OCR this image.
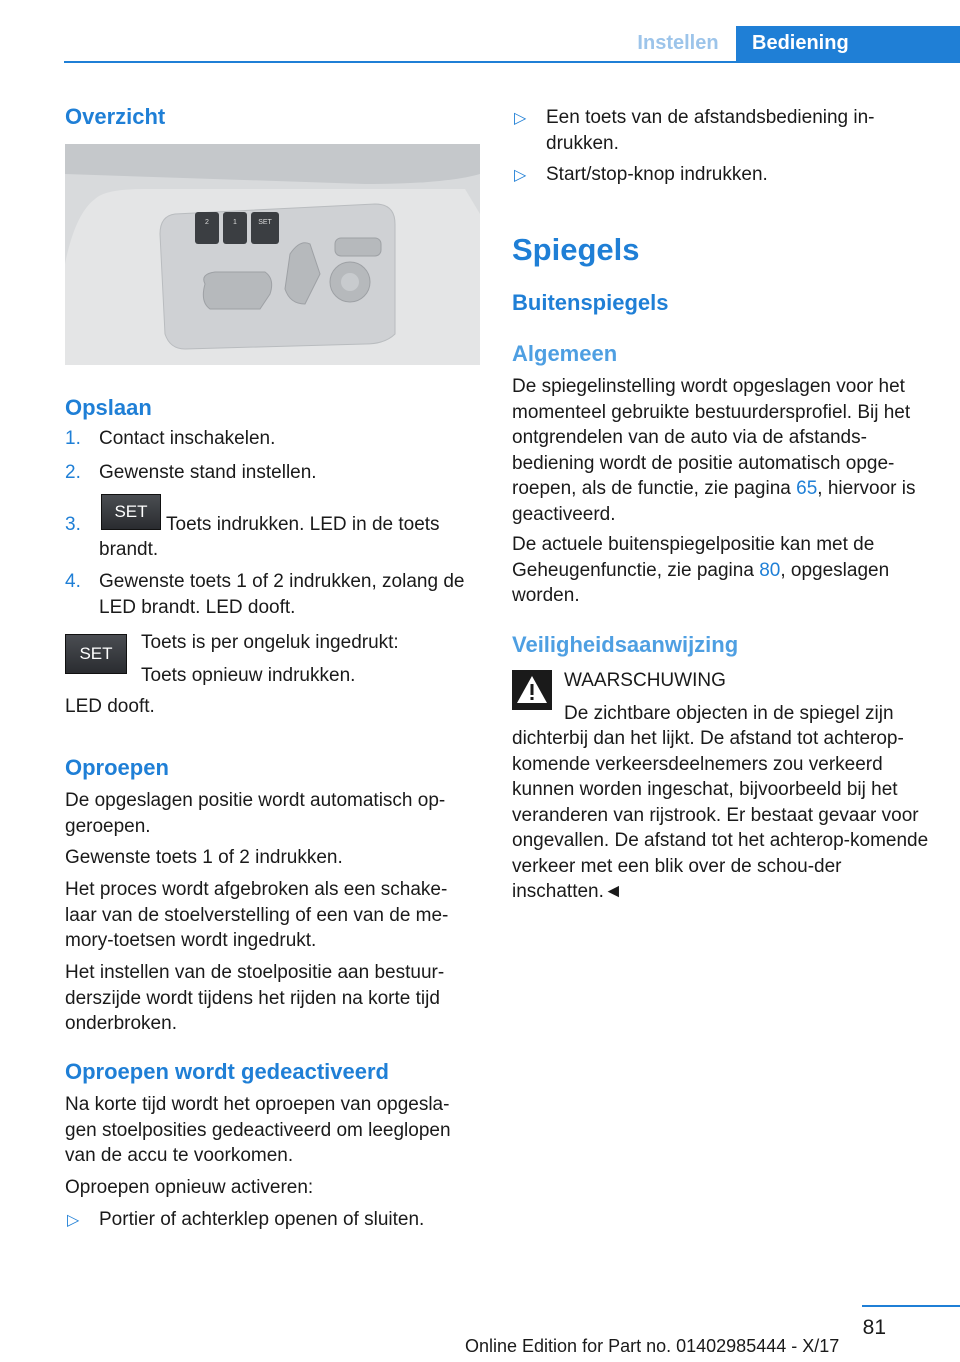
Instellen	Bediening
Overzicht
2	1	SET
Opslaan
1. Contact inschakelen.

2. Gewenste stand instellen.

3.
SET

Toets indrukken. LED in de toets

brandt.

4. Gewenste toets 1 of 2 indrukken, zolang de LED brandt. LED dooft.

SET

Toets is per ongeluk ingedrukt:

Toets opnieuw indrukken.

LED dooft.

Oproepen

De opgeslagen positie wordt automatisch op-geroepen.

Gewenste toets 1 of 2 indrukken.

Het proces wordt afgebroken als een schake-laar van de stoelverstelling of een van de me-mory-toetsen wordt ingedrukt.

Het instellen van de stoelpositie aan bestuur-derszijde wordt tijdens het rijden na korte tijd onderbroken.

Oproepen wordt gedeactiveerd

Na korte tijd wordt het oproepen van opgesla-gen stoelposities gedeactiveerd om leeglopen van de accu te voorkomen.

Oproepen opnieuw activeren:

▷ Portier of achterklep openen of sluiten.

▷ Een toets van de afstandsbediening in-drukken.

▷ Start/stop-knop indrukken.

Spiegels
Buitenspiegels
Algemeen

De spiegelinstelling wordt opgeslagen voor het momenteel gebruikte bestuurdersprofiel. Bij het ontgrendelen van de auto via de afstands-bediening wordt de positie automatisch opge-roepen, als de functie, zie pagina 65, hiervoor is geactiveerd.

De actuele buitenspiegelpositie kan met de Geheugenfunctie, zie pagina 80, opgeslagen worden.

Veiligheidsaanwijzing

WAARSCHUWING

De zichtbare objecten in de spiegel zijn

dichterbij dan het lijkt. De afstand tot achterop-komende verkeersdeelnemers zou verkeerd kunnen worden ingeschat, bijvoorbeeld bij het veranderen van rijstrook. Er bestaat gevaar voor ongevallen. De afstand tot het achterop-komende verkeer met een blik over de schou-der inschatten.◄

81
Online Edition for Part no. 01402985444 - X/17
